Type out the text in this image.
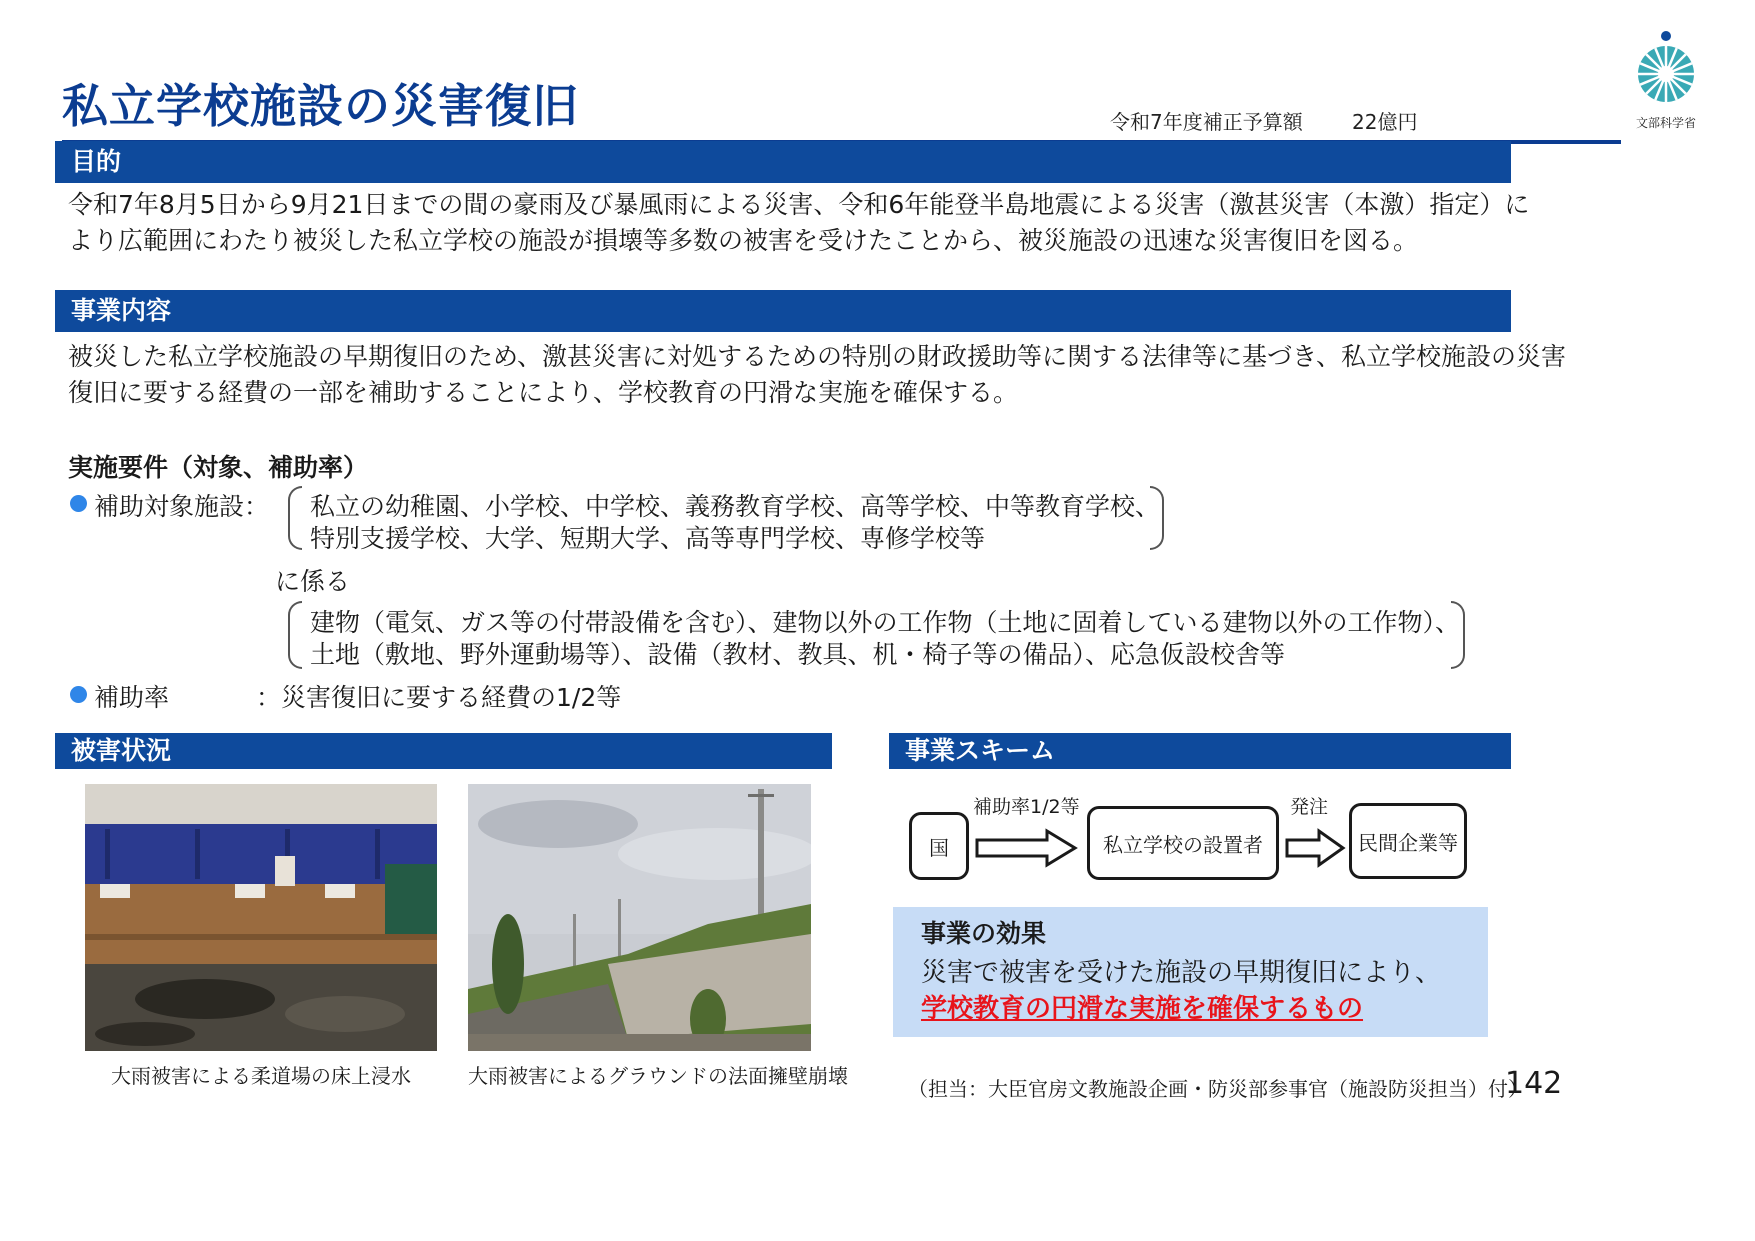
私立学校施設の災害復旧	令和7年度補正予算額 22億円	文部科学省
目的

令和7年8月5日から9月21日までの間の豪雨及び暴風雨による災害、令和6年能登半島地震による災害（激甚災害（本激）指定）に

より広範囲にわたり被災した私立学校の施設が損壊等多数の被害を受けたことから、被災施設の迅速な災害復旧を図る。

事業内容

被災した私立学校施設の早期復旧のため、激甚災害に対処するための特別の財政援助等に関する法律等に基づき、私立学校施設の災害

復旧に要する経費の一部を補助することにより、学校教育の円滑な実施を確保する。

実施要件（対象、補助率）
補助対象施設： 私立の幼稚園、小学校、中学校、義務教育学校、高等学校、中等教育学校、
特別支援学校、大学、短期大学、高等専門学校、専修学校等
に係る
建物（電気、ガス等の付帯設備を含む）、建物以外の工作物（土地に固着している建物以外の工作物）、
土地（敷地、野外運動場等）、設備（教材、教具、机・椅子等の備品）、応急仮設校舎等
補助率	：災害復旧に要する経費の1/2等
被害状況
大雨被害による柔道場の床上浸水	大雨被害によるグラウンドの法面擁壁崩壊
事業スキーム
国
補助率1/2等
私立学校の設置者
発注
民間企業等
事業の効果
災害で被害を受けた施設の早期復旧により、
学校教育の円滑な実施を確保するもの
（担当：大臣官房文教施設企画・防災部参事官（施設防災担当）付）
142
